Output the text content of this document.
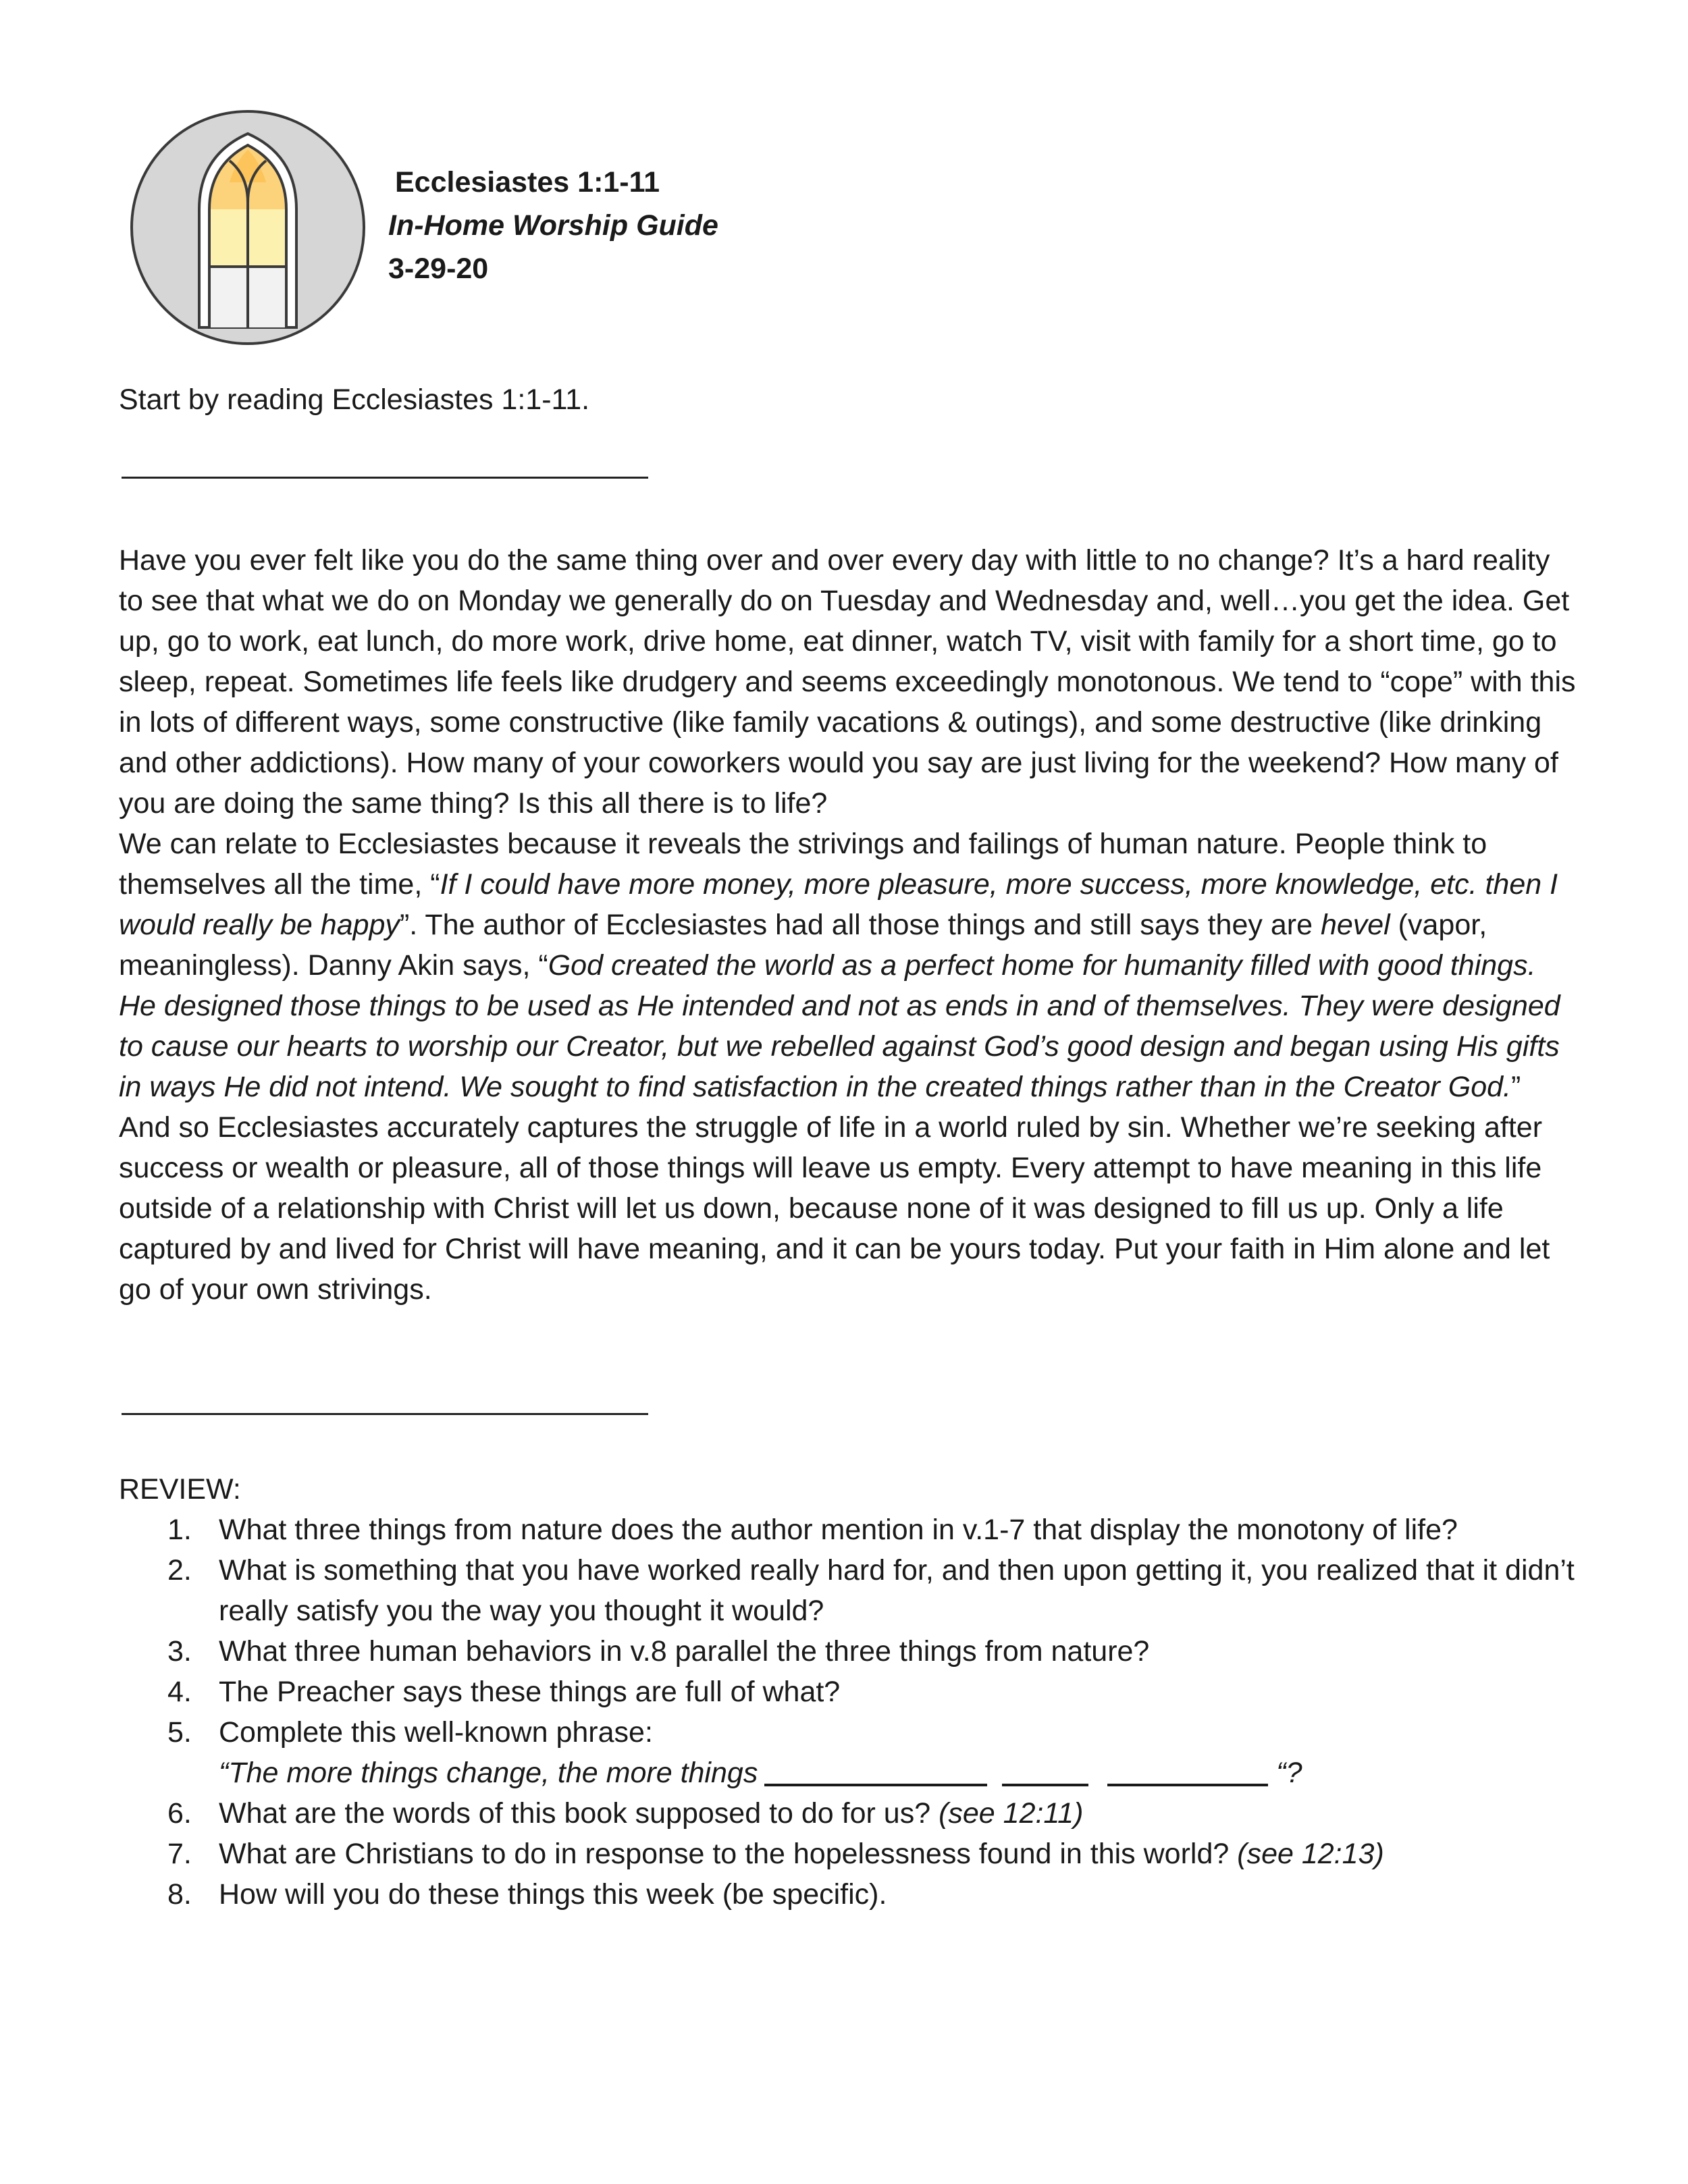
Ecclesiastes 1:1-11
In-Home Worship Guide
3-29-20
Start by reading Ecclesiastes 1:1-11.

Have you ever felt like you do the same thing over and over every day with little to no change? It’s a hard reality to see that what we do on Monday we generally do on Tuesday and Wednesday and, well…you get the idea. Get up, go to work, eat lunch, do more work, drive home, eat dinner, watch TV, visit with family for a short time, go to sleep, repeat. Sometimes life feels like drudgery and seems exceedingly monotonous. We tend to “cope” with this in lots of different ways, some constructive (like family vacations & outings), and some destructive (like drinking and other addictions). How many of your coworkers would you say are just living for the weekend? How many of you are doing the same thing? Is this all there is to life?

We can relate to Ecclesiastes because it reveals the strivings and failings of human nature. People think to themselves all the time, “If I could have more money, more pleasure, more success, more knowledge, etc. then I would really be happy”. The author of Ecclesiastes had all those things and still says they are hevel (vapor, meaningless). Danny Akin says, “God created the world as a perfect home for humanity filled with good things. He designed those things to be used as He intended and not as ends in and of themselves. They were designed to cause our hearts to worship our Creator, but we rebelled against God’s good design and began using His gifts in ways He did not intend. We sought to find satisfaction in the created things rather than in the Creator God.” And so Ecclesiastes accurately captures the struggle of life in a world ruled by sin. Whether we’re seeking after success or wealth or pleasure, all of those things will leave us empty. Every attempt to have meaning in this life outside of a relationship with Christ will let us down, because none of it was designed to fill us up. Only a life captured by and lived for Christ will have meaning, and it can be yours today. Put your faith in Him alone and let go of your own strivings.

REVIEW:
1. What three things from nature does the author mention in v.1-7 that display the monotony of life?
2. What is something that you have worked really hard for, and then upon getting it, you realized that it didn’t really satisfy you the way you thought it would?
3. What three human behaviors in v.8 parallel the three things from nature?
4. The Preacher says these things are full of what?
5. Complete this well-known phrase:
“The more things change, the more things	“?
6. What are the words of this book supposed to do for us? (see 12:11)
7. What are Christians to do in response to the hopelessness found in this world? (see 12:13)
8. How will you do these things this week (be specific).
